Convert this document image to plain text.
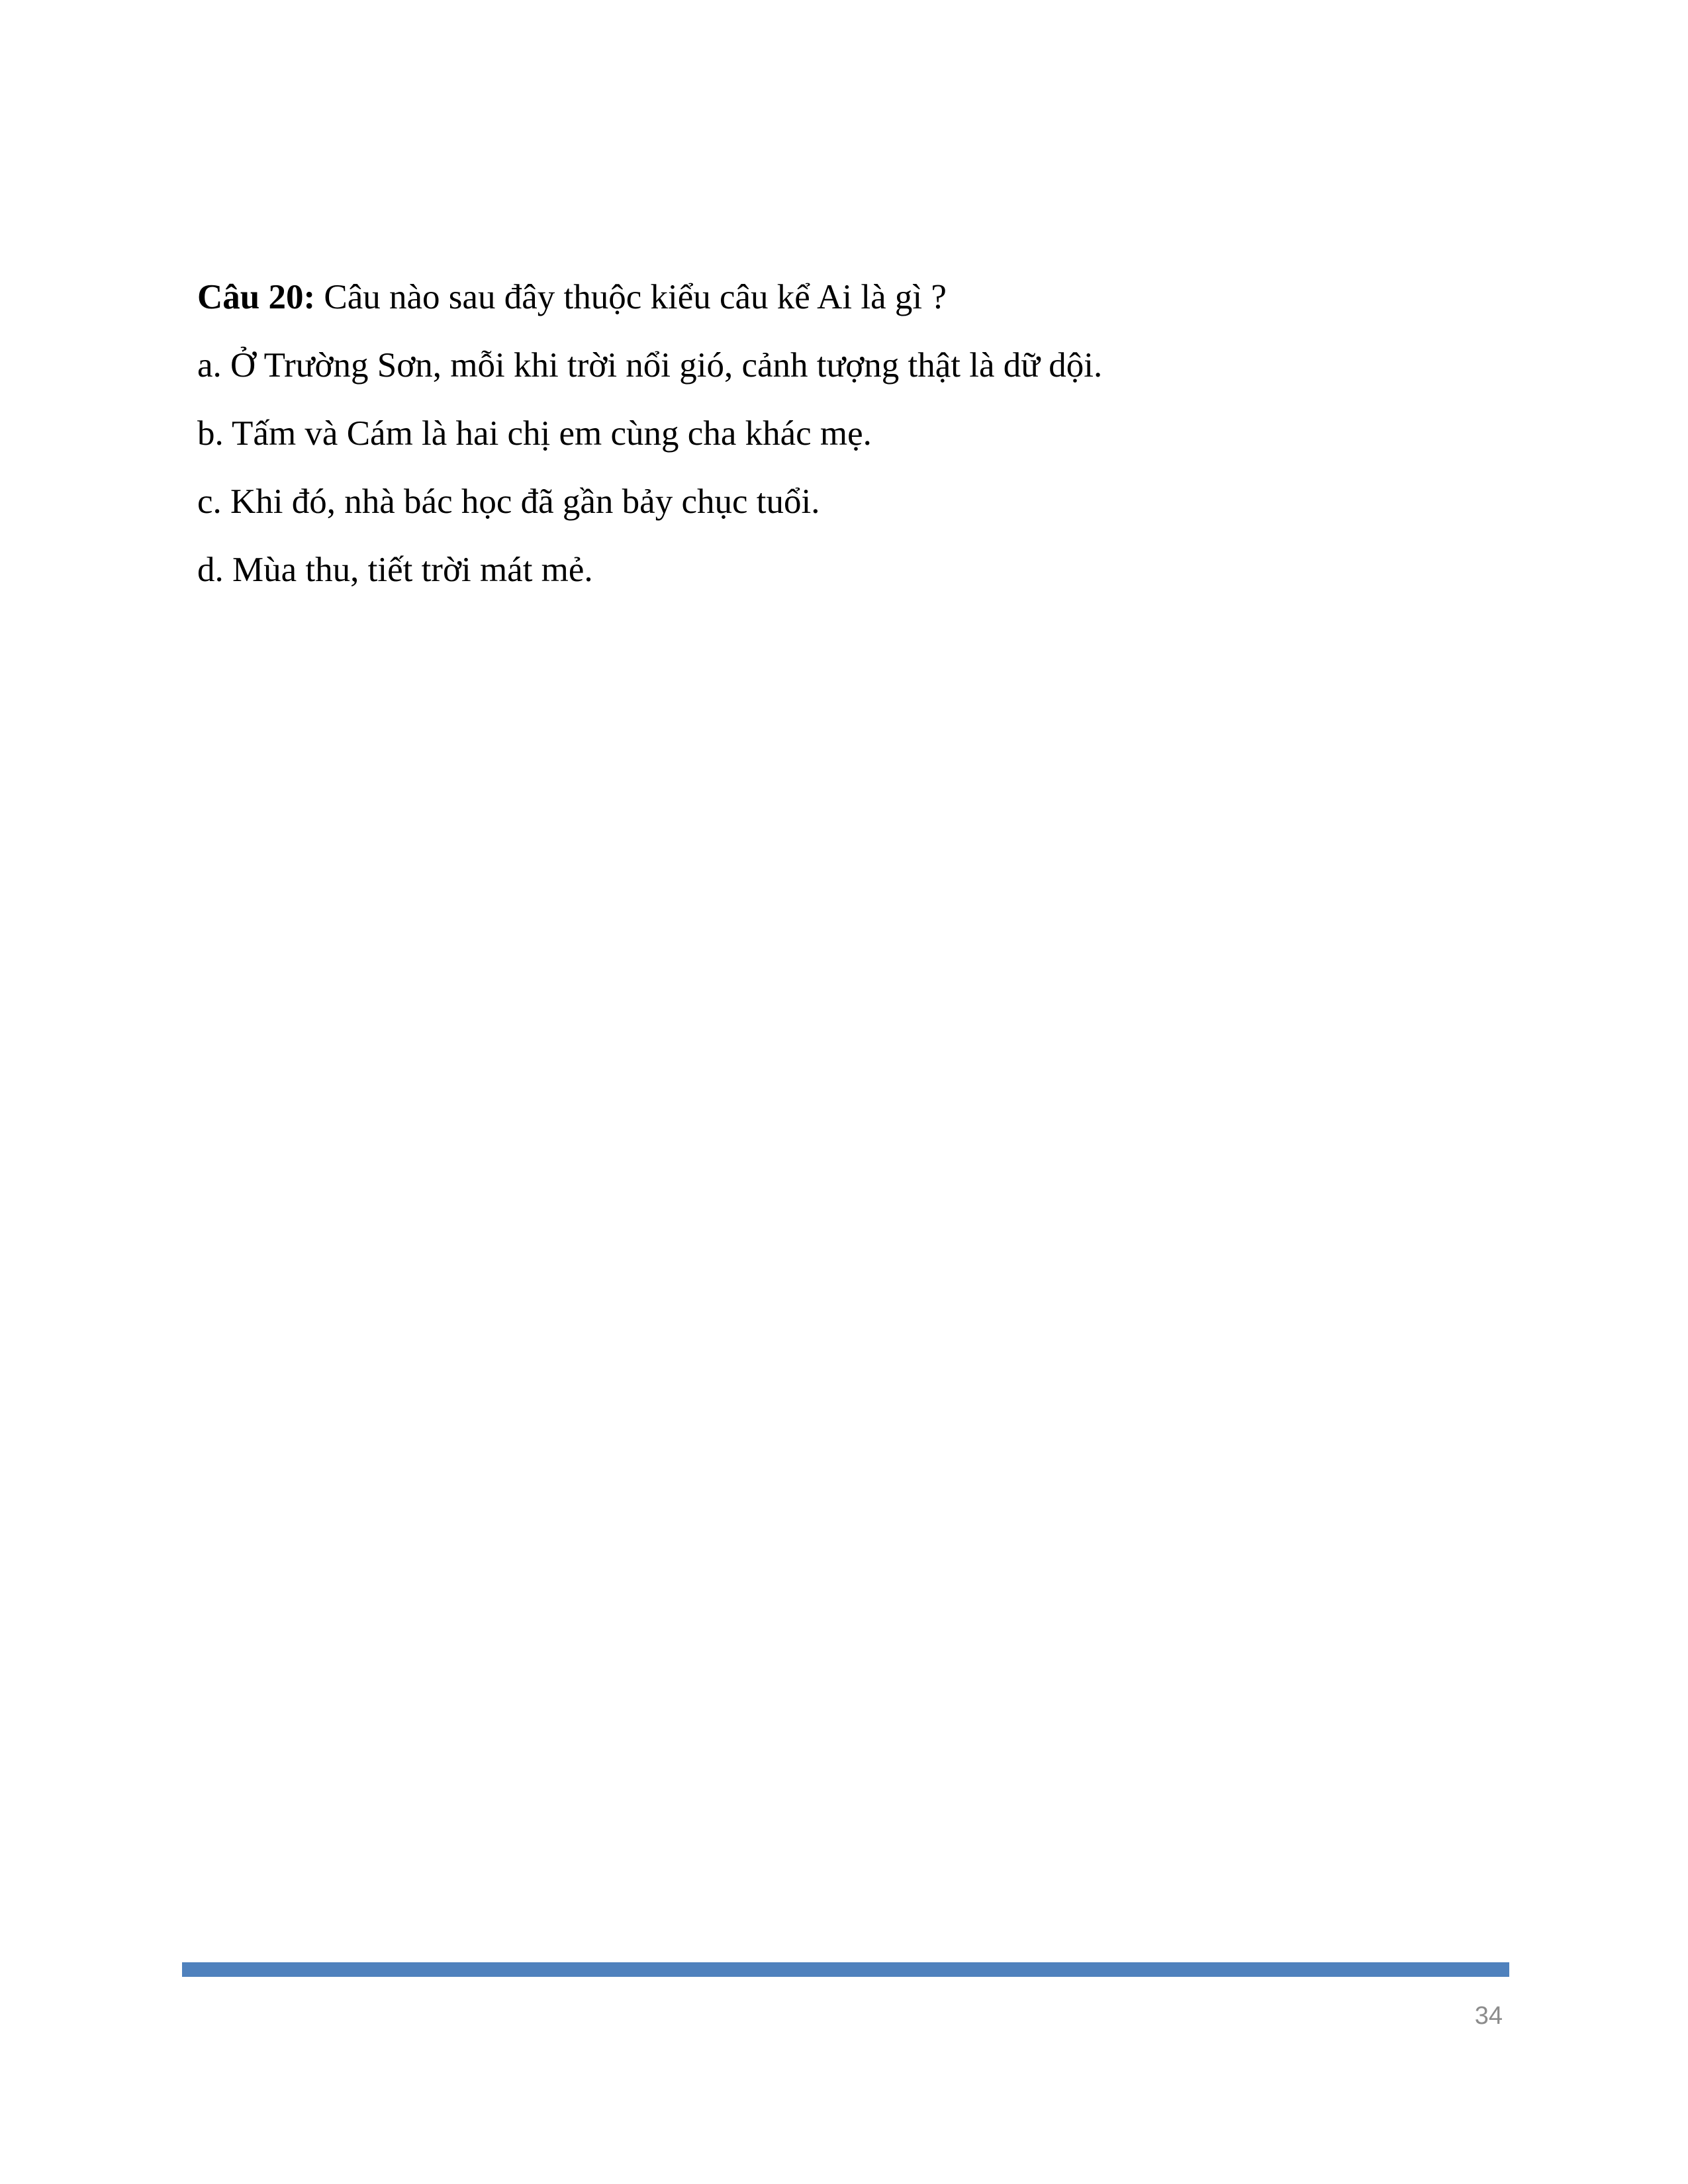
Câu 20: Câu nào sau đây thuộc kiểu câu kể Ai là gì ?
a. Ở Trường Sơn, mỗi khi trời nổi gió, cảnh tượng thật là dữ dội.
b. Tấm và Cám là hai chị em cùng cha khác mẹ.
c. Khi đó, nhà bác học đã gần bảy chục tuổi.
d. Mùa thu, tiết trời mát mẻ.
34
